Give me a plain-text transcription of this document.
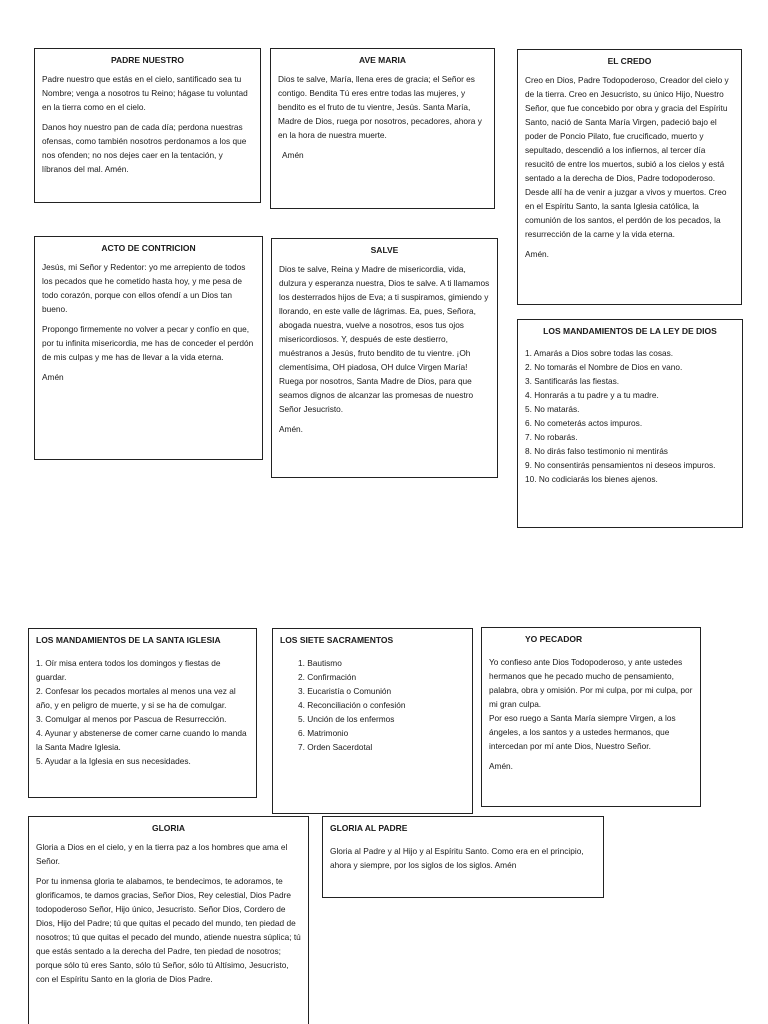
PADRE NUESTRO

Padre nuestro que estás en el cielo, santificado sea tu Nombre; venga a nosotros tu Reino; hágase tu voluntad en la tierra como en el cielo.

Danos hoy nuestro pan de cada día; perdona nuestras ofensas, como también nosotros perdonamos a los que nos ofenden; no nos dejes caer en la tentación, y líbranos del mal. Amén.

AVE MARIA

Dios te salve, María, llena eres de gracia; el Señor es contigo. Bendita Tú eres entre todas las mujeres, y bendito es el fruto de tu vientre, Jesús. Santa María, Madre de Dios, ruega por nosotros, pecadores, ahora y en la hora de nuestra muerte.

Amén

EL CREDO

Creo en Dios, Padre Todopoderoso, Creador del cielo y de la tierra. Creo en Jesucristo, su único Hijo, Nuestro Señor, que fue concebido por obra y gracia del Espíritu Santo, nació de Santa María Virgen, padeció bajo el poder de Poncio Pilato, fue crucificado, muerto y sepultado, descendió a los infiernos, al tercer día resucitó de entre los muertos, subió a los cielos y está sentado a la derecha de Dios, Padre todopoderoso. Desde allí ha de venir a juzgar a vivos y muertos. Creo en el Espíritu Santo, la santa Iglesia católica, la comunión de los santos, el perdón de los pecados, la resurrección de la carne y la vida eterna.

Amén.

ACTO DE CONTRICION

Jesús, mi Señor y Redentor: yo me arrepiento de todos los pecados que he cometido hasta hoy, y me pesa de todo corazón, porque con ellos ofendí a un Dios tan bueno.

Propongo firmemente no volver a pecar y confío en que, por tu infinita misericordia, me has de conceder el perdón de mis culpas y me has de llevar a la vida eterna.

Amén

SALVE

Dios te salve, Reina y Madre de misericordia, vida, dulzura y esperanza nuestra, Dios te salve. A ti llamamos los desterrados hijos de Eva; a ti suspiramos, gimiendo y llorando, en este valle de lágrimas. Ea, pues, Señora, abogada nuestra, vuelve a nosotros, esos tus ojos misericordiosos. Y, después de este destierro, muéstranos a Jesús, fruto bendito de tu vientre. ¡Oh clementísima, OH piadosa, OH dulce Virgen María! Ruega por nosotros, Santa Madre de Dios, para que seamos dignos de alcanzar las promesas de nuestro Señor Jesucristo.

Amén.

LOS MANDAMIENTOS DE LA LEY DE DIOS
1. Amarás a Dios sobre todas las cosas.
2. No tomarás el Nombre de Dios en vano.
3. Santificarás las fiestas.
4. Honrarás a tu padre y a tu madre.
5. No matarás.
6. No cometerás actos impuros.
7. No robarás.
8. No dirás falso testimonio ni mentirás
9. No consentirás pensamientos ni deseos impuros.
10. No codiciarás los bienes ajenos.
LOS MANDAMIENTOS DE LA SANTA IGLESIA
1. Oír misa entera todos los domingos y fiestas de guardar.
2. Confesar los pecados mortales al menos una vez al año, y en peligro de muerte, y si se ha de comulgar.
3. Comulgar al menos por Pascua de Resurrección.
4. Ayunar y abstenerse de comer carne cuando lo manda la Santa Madre Iglesia.
5. Ayudar a la Iglesia en sus necesidades.
LOS SIETE SACRAMENTOS
1. Bautismo
2. Confirmación
3. Eucaristía o Comunión
4. Reconciliación o confesión
5. Unción de los enfermos
6. Matrimonio
7. Orden Sacerdotal
YO PECADOR

Yo confieso ante Dios Todopoderoso, y ante ustedes hermanos que he pecado mucho de pensamiento, palabra, obra y omisión. Por mi culpa, por mi culpa, por mi gran culpa.

Por eso ruego a Santa María siempre Virgen, a los ángeles, a los santos y a ustedes hermanos, que intercedan por mí ante Dios, Nuestro Señor.

Amén.

GLORIA

Gloria a Dios en el cielo, y en la tierra paz a los hombres que ama el Señor.

Por tu inmensa gloria te alabamos, te bendecimos, te adoramos, te glorificamos, te damos gracias, Señor Dios, Rey celestial, Dios Padre todopoderoso Señor, Hijo único, Jesucristo. Señor Dios, Cordero de Dios, Hijo del Padre; tú que quitas el pecado del mundo, ten piedad de nosotros; tú que quitas el pecado del mundo, atiende nuestra súplica; tú que estás sentado a la derecha del Padre, ten piedad de nosotros; porque sólo tú eres Santo, sólo tú Señor, sólo tú Altísimo, Jesucristo, con el Espíritu Santo en la gloria de Dios Padre.

GLORIA AL PADRE

Gloria al Padre y al Hijo y al Espíritu Santo. Como era en el principio, ahora y siempre, por los siglos de los siglos. Amén
